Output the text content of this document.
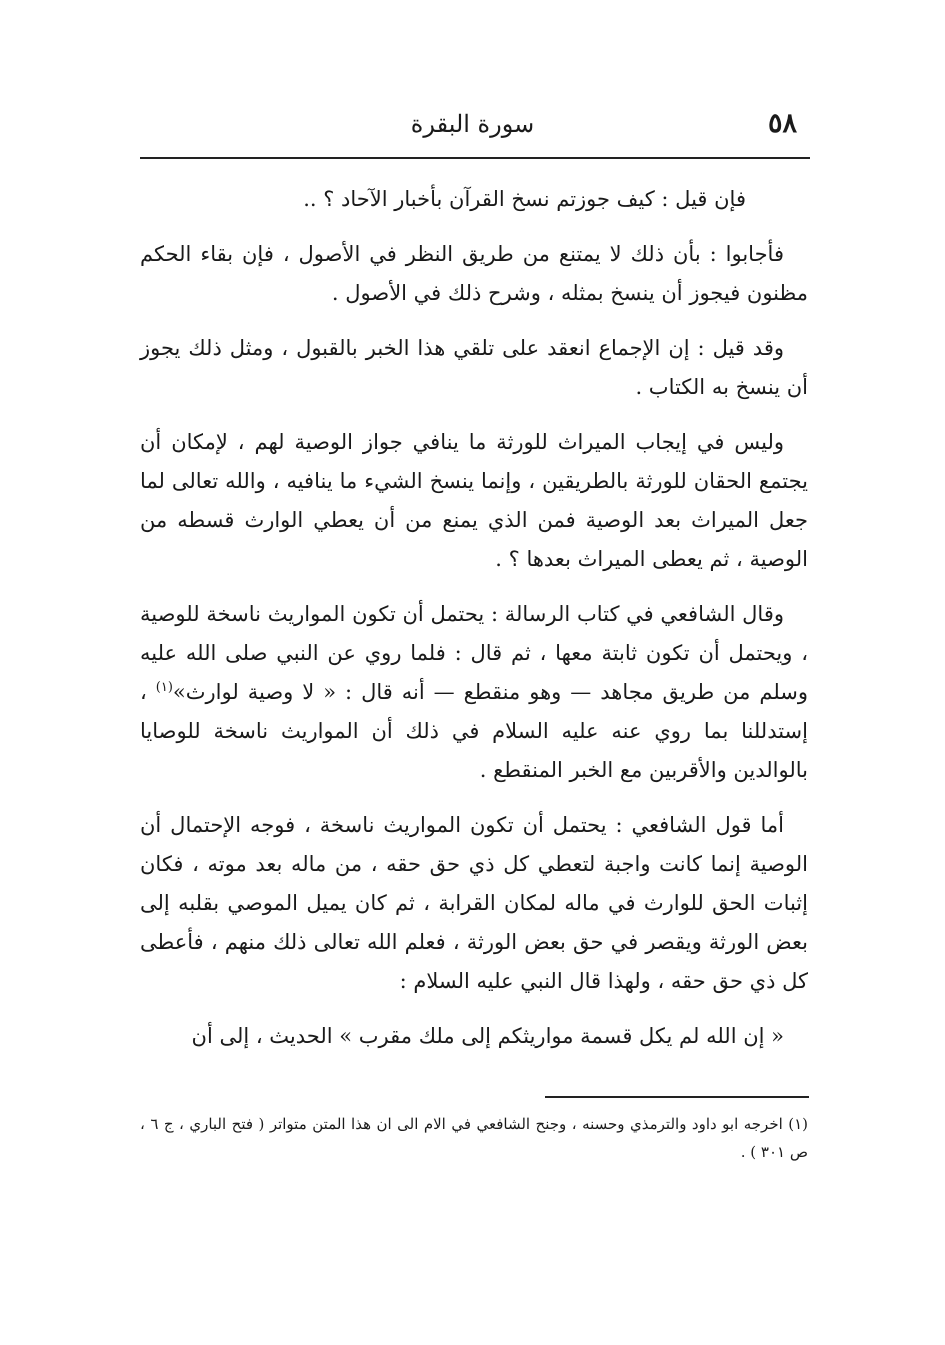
٥٨
سورة البقرة

فإن قيل : كيف جوزتم نسخ القرآن بأخبار الآحاد ؟ ..

فأجابوا : بأن ذلك لا يمتنع من طريق النظر في الأصول ، فإن بقاء الحكم مظنون فيجوز أن ينسخ بمثله ، وشرح ذلك في الأصول .

وقد قيل : إن الإجماع انعقد على تلقي هذا الخبر بالقبول ، ومثل ذلك يجوز أن ينسخ به الكتاب .

وليس في إيجاب الميراث للورثة ما ينافي جواز الوصية لهم ، لإمكان أن يجتمع الحقان للورثة بالطريقين ، وإنما ينسخ الشيء ما ينافيه ، والله تعالى لما جعل الميراث بعد الوصية فمن الذي يمنع من أن يعطي الوارث قسطه من الوصية ، ثم يعطى الميراث بعدها ؟ .

وقال الشافعي في كتاب الرسالة : يحتمل أن تكون المواريث ناسخة للوصية ، ويحتمل أن تكون ثابتة معها ، ثم قال : فلما روي عن النبي صلى الله عليه وسلم من طريق مجاهد — وهو منقطع — أنه قال : « لا وصية لوارث»$^{(١)}$ ، إستدللنا بما روي عنه عليه السلام في ذلك أن المواريث ناسخة للوصايا بالوالدين والأقربين مع الخبر المنقطع .

أما قول الشافعي : يحتمل أن تكون المواريث ناسخة ، فوجه الإحتمال أن الوصية إنما كانت واجبة لتعطي كل ذي حق حقه ، من ماله بعد موته ، فكان إثبات الحق للوارث في ماله لمكان القرابة ، ثم كان يميل الموصي بقلبه إلى بعض الورثة ويقصر في حق بعض الورثة ، فعلم الله تعالى ذلك منهم ، فأعطى كل ذي حق حقه ، ولهذا قال النبي عليه السلام :

« إن الله لم يكل قسمة مواريثكم إلى ملك مقرب » الحديث ، إلى أن

(١) اخرجه ابو داود والترمذي وحسنه ، وجنح الشافعي في الام الى ان هذا المتن متواتر ( فتح الباري ، ج ٦ ، ص ٣٠١ ) .
